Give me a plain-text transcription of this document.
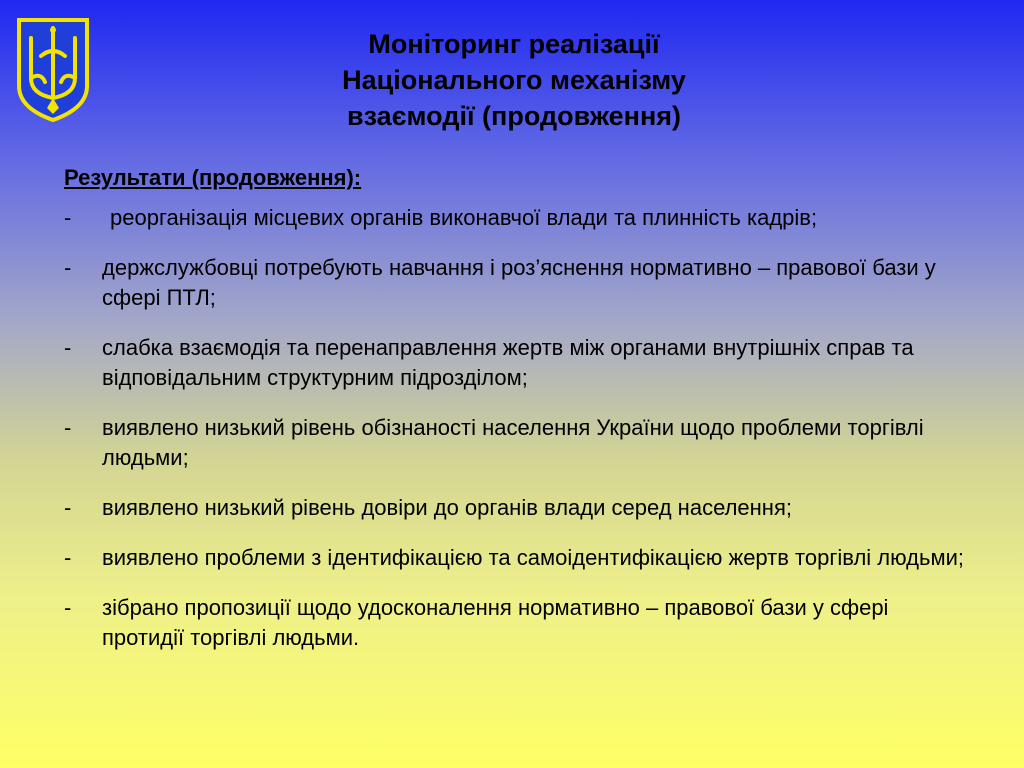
Моніторинг реалізації
Національного механізму
взаємодії (продовження)
Результати (продовження):
-	реорганізація місцевих органів виконавчої влади та плинність кадрів;
- держслужбовці потребують навчання і роз’яснення нормативно – правової бази у сфері ПТЛ;
- слабка взаємодія та перенаправлення жертв між органами внутрішніх справ та відповідальним структурним підрозділом;
- виявлено низький рівень обізнаності населення України щодо проблеми торгівлі людьми;
- виявлено низький рівень довіри до органів влади серед населення;
- виявлено проблеми з ідентифікацією та самоідентифікацією жертв торгівлі людьми;
- зібрано пропозиції щодо удосконалення нормативно – правової бази у сфері протидії торгівлі людьми.
